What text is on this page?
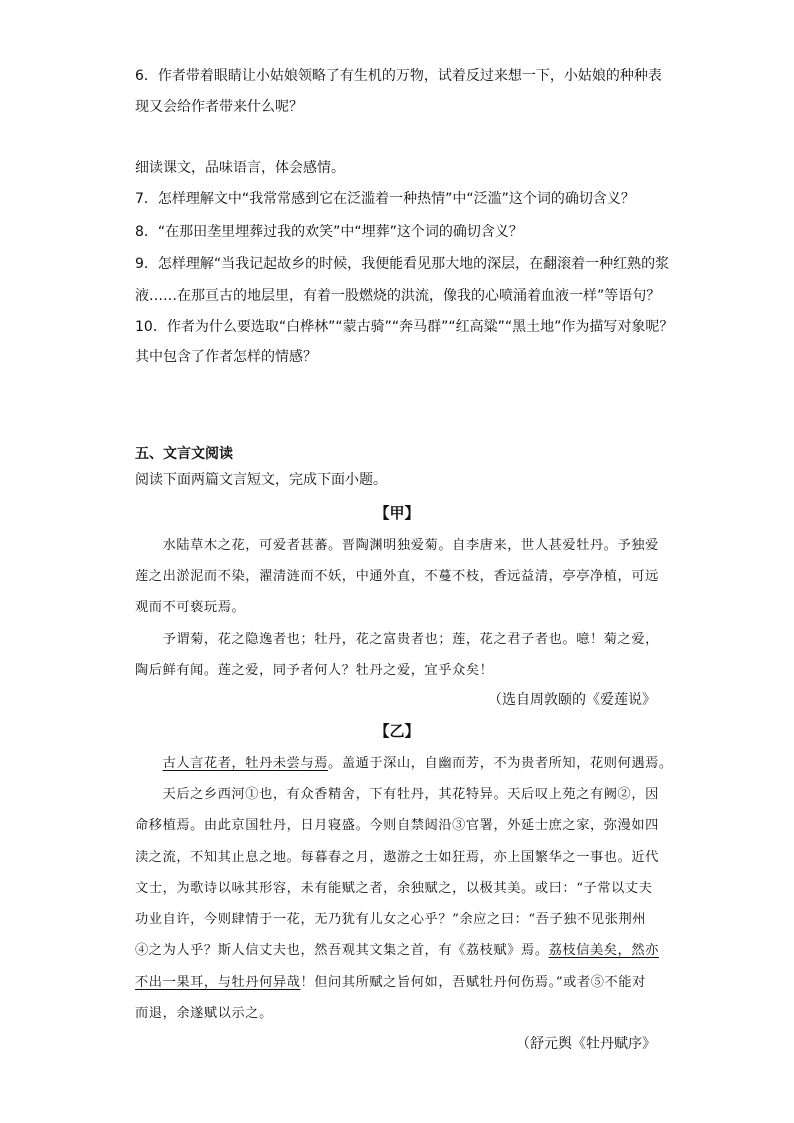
6．作者带着眼睛让小姑娘领略了有生机的万物，试着反过来想一下，小姑娘的种种表
现又会给作者带来什么呢？
细读课文，品味语言，体会感情。
7．怎样理解文中“我常常感到它在泛滥着一种热情”中“泛滥”这个词的确切含义？
8．“在那田垄里埋葬过我的欢笑”中“埋葬”这个词的确切含义？
9．怎样理解“当我记起故乡的时候，我便能看见那大地的深层，在翻滚着一种红熟的浆
液……在那亘古的地层里，有着一股燃烧的洪流，像我的心喷涌着血液一样”等语句？
10．作者为什么要选取“白桦林”“蒙古骑”“奔马群”“红高粱”“黑土地”作为描写对象呢？
其中包含了作者怎样的情感？
五、文言文阅读
阅读下面两篇文言短文，完成下面小题。
【甲】
　　水陆草木之花，可爱者甚蕃。晋陶渊明独爱菊。自李唐来，世人甚爱牡丹。予独爱
莲之出淤泥而不染，濯清涟而不妖，中通外直，不蔓不枝，香远益清，亭亭净植，可远
观而不可亵玩焉。
　　予谓菊，花之隐逸者也；牡丹，花之富贵者也；莲，花之君子者也。噫！菊之爱，
陶后鲜有闻。莲之爱，同予者何人？牡丹之爱，宜乎众矣！
（选自周敦颐的《爱莲说》
【乙】
　　古人言花者，牡丹未尝与焉。盖遁于深山，自幽而芳，不为贵者所知，花则何遇焉。
　　天后之乡西河①也，有众香精舍，下有牡丹，其花特异。天后叹上苑之有阙②，因
命移植焉。由此京国牡丹，日月寝盛。今则自禁闼沿③官署，外延士庶之家，弥漫如四
渎之流，不知其止息之地。每暮春之月，遨游之士如狂焉，亦上国繁华之一事也。近代
文士，为歌诗以咏其形容，未有能赋之者，余独赋之，以极其美。或曰：“子常以丈夫
功业自许，今则肆情于一花，无乃犹有儿女之心乎？”余应之曰：“吾子独不见张荆州
④之为人乎？斯人信丈夫也，然吾观其文集之首，有《荔枝赋》焉。荔枝信美矣，然亦
不出一果耳，与牡丹何异哉！但问其所赋之旨何如，吾赋牡丹何伤焉。”或者⑤不能对
而退，余遂赋以示之。
（舒元舆《牡丹赋序》
